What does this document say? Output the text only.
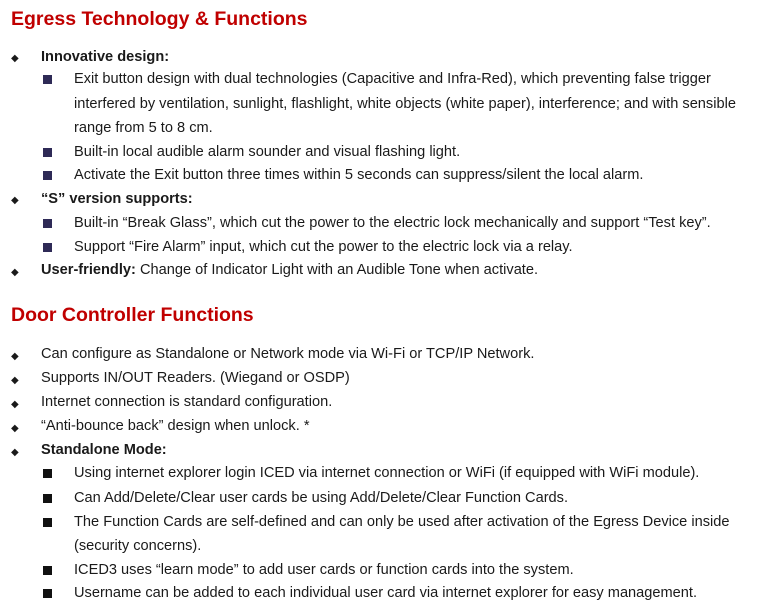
Egress Technology & Functions
◆ Innovative design:
Exit button design with dual technologies (Capacitive and Infra-Red), which preventing false trigger
interfered by ventilation, sunlight, flashlight, white objects (white paper), interference; and with sensible
range from 5 to 8 cm.
Built-in local audible alarm sounder and visual flashing light.
Activate the Exit button three times within 5 seconds can suppress/silent the local alarm.
◆ “S” version supports:
Built-in “Break Glass”, which cut the power to the electric lock mechanically and support “Test key”.
Support “Fire Alarm” input, which cut the power to the electric lock via a relay.
◆ User-friendly: Change of Indicator Light with an Audible Tone when activate.
Door Controller Functions
◆ Can configure as Standalone or Network mode via Wi-Fi or TCP/IP Network.
◆ Supports IN/OUT Readers. (Wiegand or OSDP)
◆ Internet connection is standard configuration.
◆ “Anti-bounce back” design when unlock. *
◆ Standalone Mode:
Using internet explorer login ICED via internet connection or WiFi (if equipped with WiFi module).
Can Add/Delete/Clear user cards be using Add/Delete/Clear Function Cards.
The Function Cards are self-defined and can only be used after activation of the Egress Device inside
(security concerns).
ICED3 uses “learn mode” to add user cards or function cards into the system.
Username can be added to each individual user card via internet explorer for easy management.
